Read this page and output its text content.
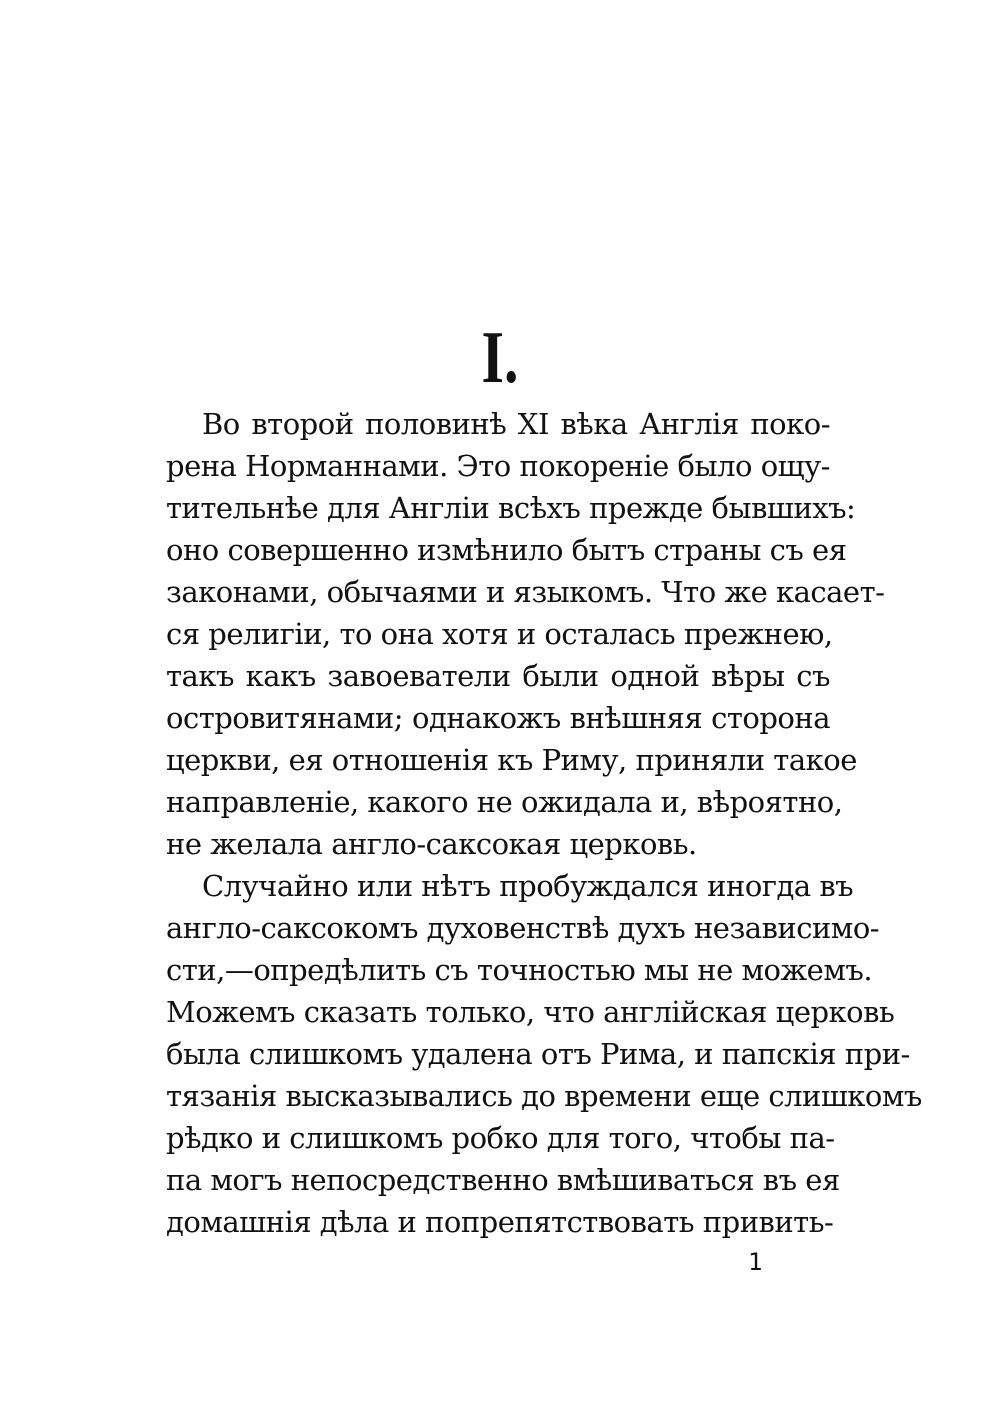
I.
Во второй половинѣ XI вѣка Англія поко-
рена Норманнами. Это покореніе было ощу-
тительнѣе для Англіи всѣхъ прежде бывшихъ:
оно совершенно измѣнило бытъ страны съ ея
законами, обычаями и языкомъ. Что же касает-
ся религіи, то она хотя и осталась прежнею,
такъ какъ завоеватели были одной вѣры съ
островитянами; однакожъ внѣшняя сторона
церкви, ея отношенія къ Риму, приняли такое
направленіе, какого не ожидала и, вѣроятно,
не желала англо-саксокая церковь.
Случайно или нѣтъ пробуждался иногда въ
англо-саксокомъ духовенствѣ духъ независимо-
сти,—опредѣлить съ точностью мы не можемъ.
Можемъ сказать только, что англійская церковь
была слишкомъ удалена отъ Рима, и папскія при-
тязанія высказывались до времени еще слишкомъ
рѣдко и слишкомъ робко для того, чтобы па-
па могъ непосредственно вмѣшиваться въ ея
домашнія дѣла и попрепятствовать привить-
1
